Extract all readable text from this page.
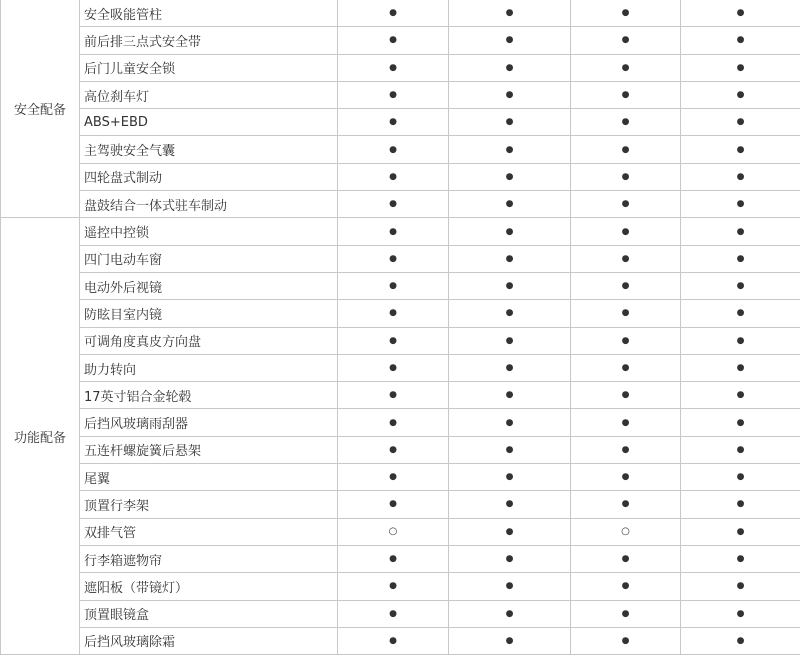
安全配备	安全吸能管柱	●	●	●	●
	前后排三点式安全带	●	●	●	●
	后门儿童安全锁	●	●	●	●
	高位刹车灯	●	●	●	●
	ABS+EBD	●	●	●	●
	主驾驶安全气囊	●	●	●	●
	四轮盘式制动	●	●	●	●
	盘鼓结合一体式驻车制动	●	●	●	●
功能配备	遥控中控锁	●	●	●	●
	四门电动车窗	●	●	●	●
	电动外后视镜	●	●	●	●
	防眩目室内镜	●	●	●	●
	可调角度真皮方向盘	●	●	●	●
	助力转向	●	●	●	●
	17英寸铝合金轮毂	●	●	●	●
	后挡风玻璃雨刮器	●	●	●	●
	五连杆螺旋簧后悬架	●	●	●	●
	尾翼	●	●	●	●
	顶置行李架	●	●	●	●
	双排气管	○	●	○	●
	行李箱遮物帘	●	●	●	●
	遮阳板（带镜灯）	●	●	●	●
	顶置眼镜盒	●	●	●	●
	后挡风玻璃除霜	●	●	●	●
